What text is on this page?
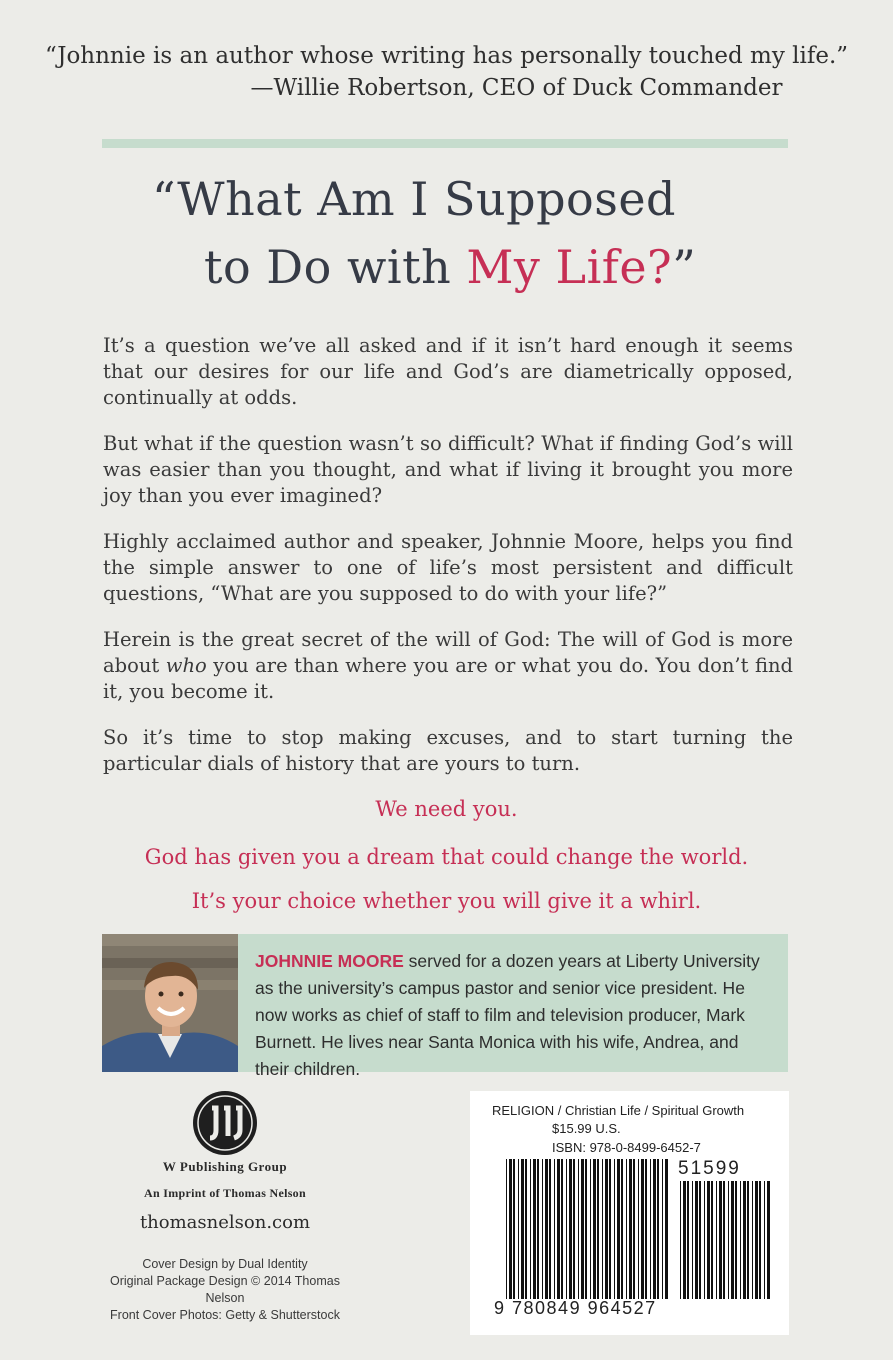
“Johnnie is an author whose writing has personally touched my life.”
—Willie Robertson, CEO of Duck Commander
“What Am I Supposed
to Do with My Life?”

It’s a question we’ve all asked and if it isn’t hard enough it seems that our desires for our life and God’s are diametrically opposed, continually at odds.

But what if the question wasn’t so difficult? What if finding God’s will was easier than you thought, and what if living it brought you more joy than you ever imagined?

Highly acclaimed author and speaker, Johnnie Moore, helps you find the simple answer to one of life’s most persistent and difficult questions, “What are you supposed to do with your life?”

Herein is the great secret of the will of God: The will of God is more about who you are than where you are or what you do. You don’t find it, you become it.

So it’s time to stop making excuses, and to start turning the particular dials of history that are yours to turn.

We need you.
God has given you a dream that could change the world.
It’s your choice whether you will give it a whirl.
JOHNNIE MOORE served for a dozen years at Liberty University as the university’s campus pastor and senior vice president. He now works as chief of staff to film and television producer, Mark Burnett. He lives near Santa Monica with his wife, Andrea, and their children.
W Publishing Group
An Imprint of Thomas Nelson
thomasnelson.com
Cover Design by Dual Identity
Original Package Design © 2014 Thomas Nelson
Front Cover Photos: Getty & Shutterstock
RELIGION / Christian Life / Spiritual Growth
$15.99 U.S.
ISBN: 978-0-8499-6452-7
51599
9 780849 964527
